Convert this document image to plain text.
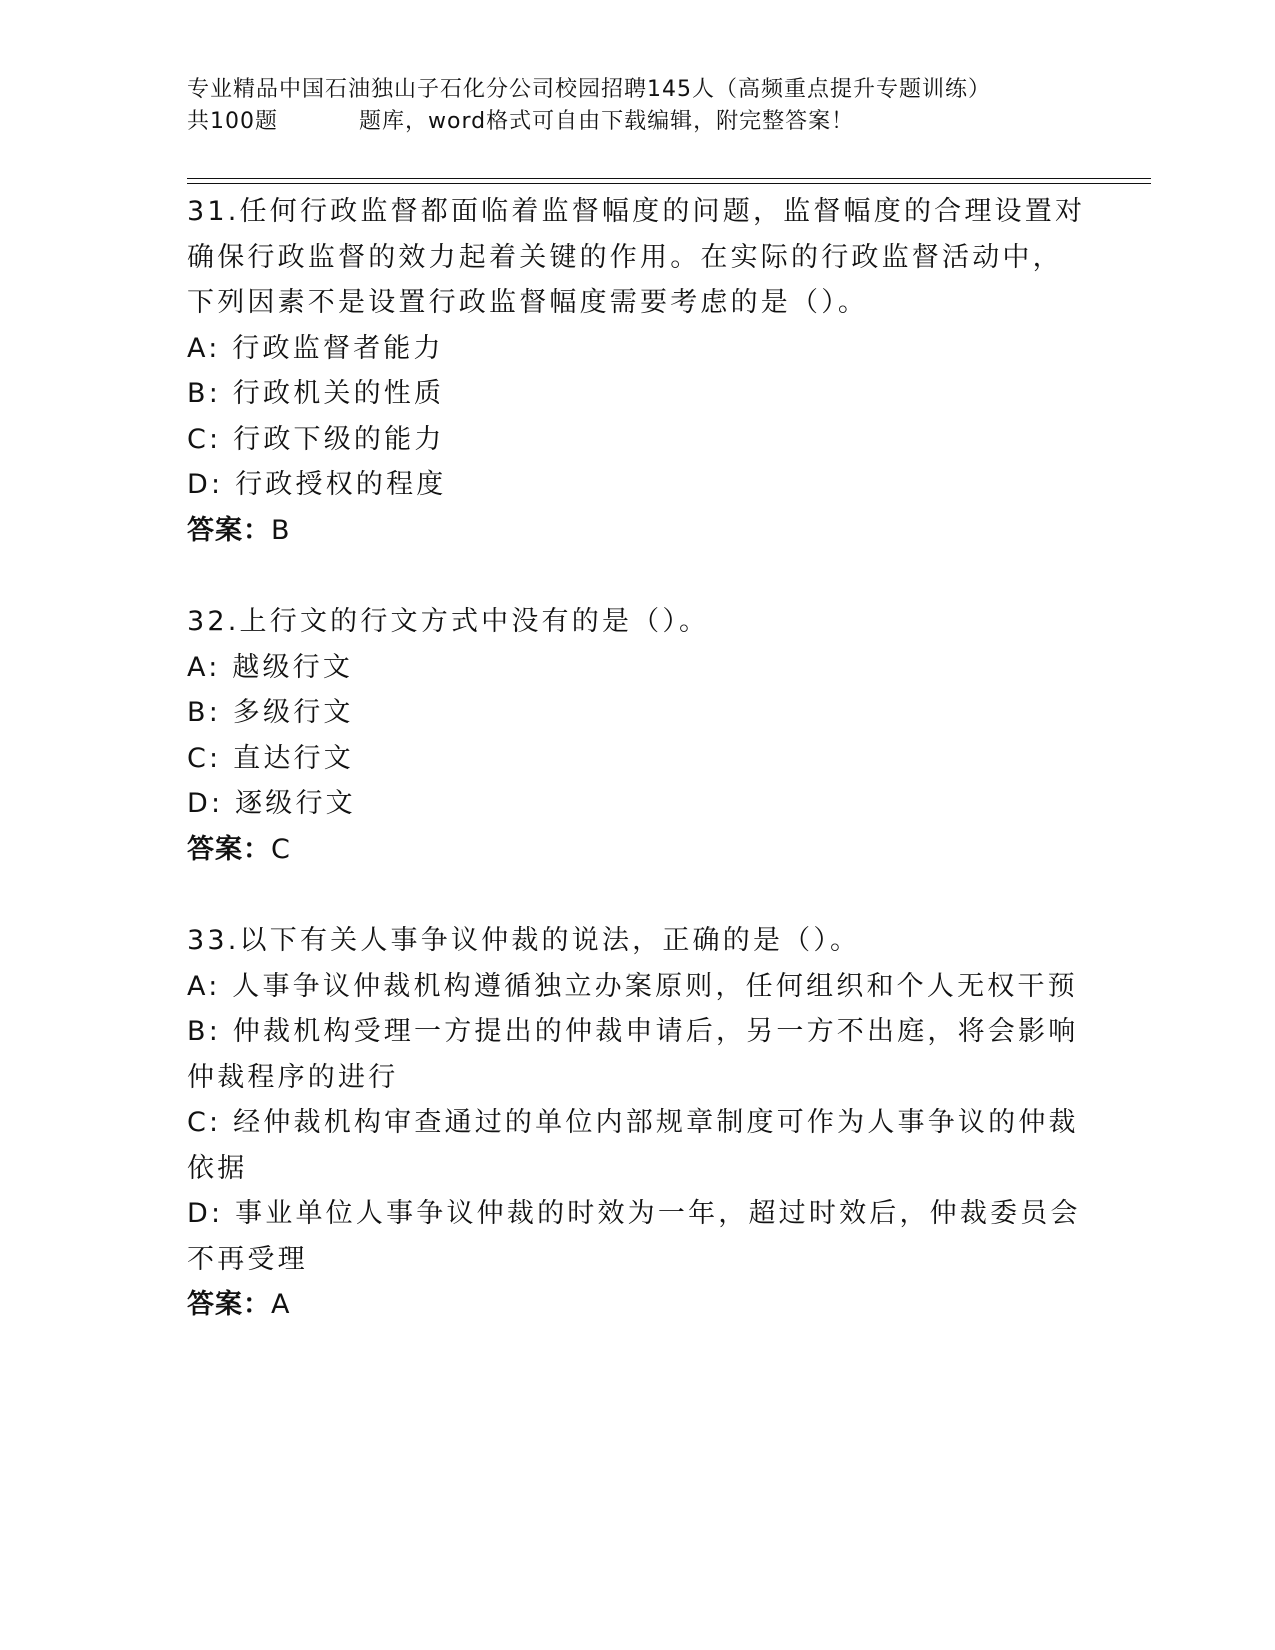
专业精品中国石油独山子石化分公司校园招聘145人（高频重点提升专题训练）
共100题	题库，word格式可自由下载编辑，附完整答案！

31.任何行政监督都面临着监督幅度的问题，监督幅度的合理设置对确保行政监督的效力起着关键的作用。在实际的行政监督活动中，下列因素不是设置行政监督幅度需要考虑的是（）。

A: 行政监督者能力

B: 行政机关的性质

C: 行政下级的能力

D: 行政授权的程度

答案：B

32.上行文的行文方式中没有的是（）。

A: 越级行文

B: 多级行文

C: 直达行文

D: 逐级行文

答案：C

33.以下有关人事争议仲裁的说法，正确的是（）。

A: 人事争议仲裁机构遵循独立办案原则，任何组织和个人无权干预

B: 仲裁机构受理一方提出的仲裁申请后，另一方不出庭，将会影响仲裁程序的进行

C: 经仲裁机构审查通过的单位内部规章制度可作为人事争议的仲裁依据

D: 事业单位人事争议仲裁的时效为一年，超过时效后，仲裁委员会不再受理

答案：A
